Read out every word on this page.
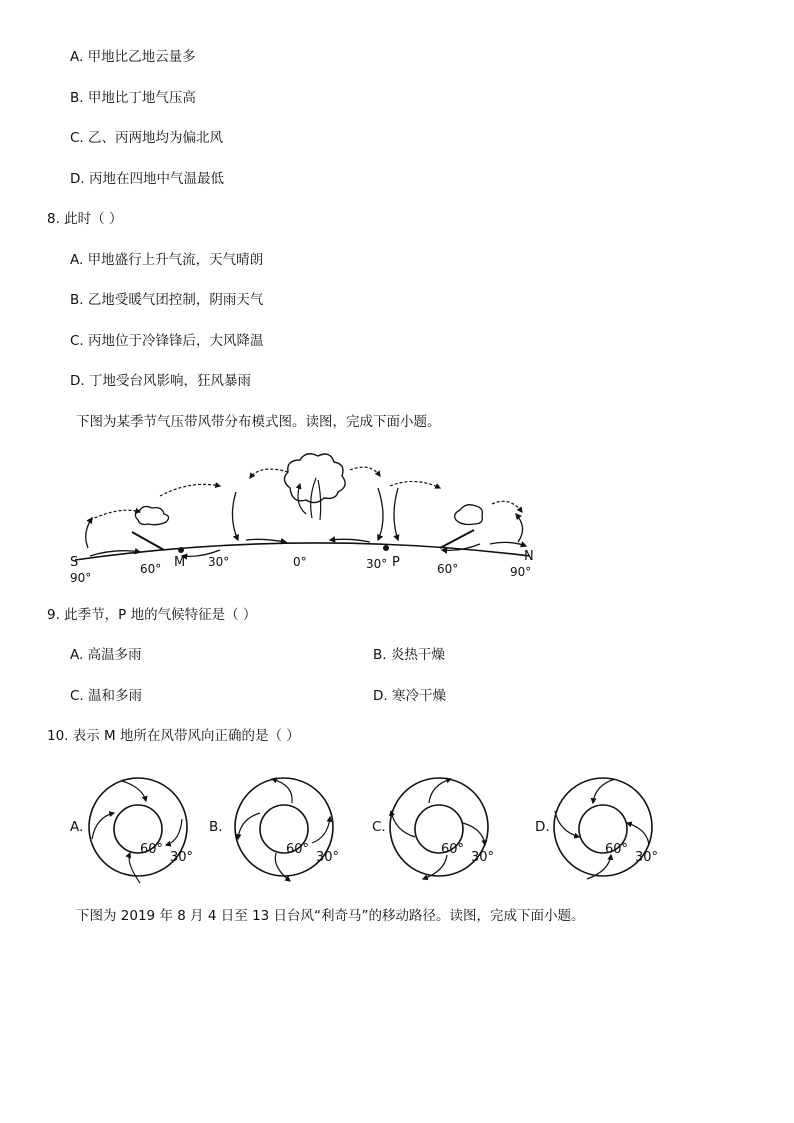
A. 甲地比乙地云量多
B. 甲地比丁地气压高
C. 乙、丙两地均为偏北风
D. 丙地在四地中气温最低
8. 此时（ ）
A. 甲地盛行上升气流，天气晴朗
B. 乙地受暖气团控制，阴雨天气
C. 丙地位于冷锋锋后，大风降温
D. 丁地受台风影响，狂风暴雨
下图为某季节气压带风带分布模式图。读图，完成下面小题。
S
90°
60° M 30°	0°	30° P	60°
N
90°
9. 此季节，P 地的气候特征是（ ）
A. 高温多雨	B. 炎热干燥
C. 温和多雨	D. 寒冷干燥
10. 表示 M 地所在风带风向正确的是（ ）
A.
60°
30°
B.
60°
30°
C.
60°
30°
D.
60°
30°
下图为 2019 年 8 月 4 日至 13 日台风“利奇马”的移动路径。读图，完成下面小题。
